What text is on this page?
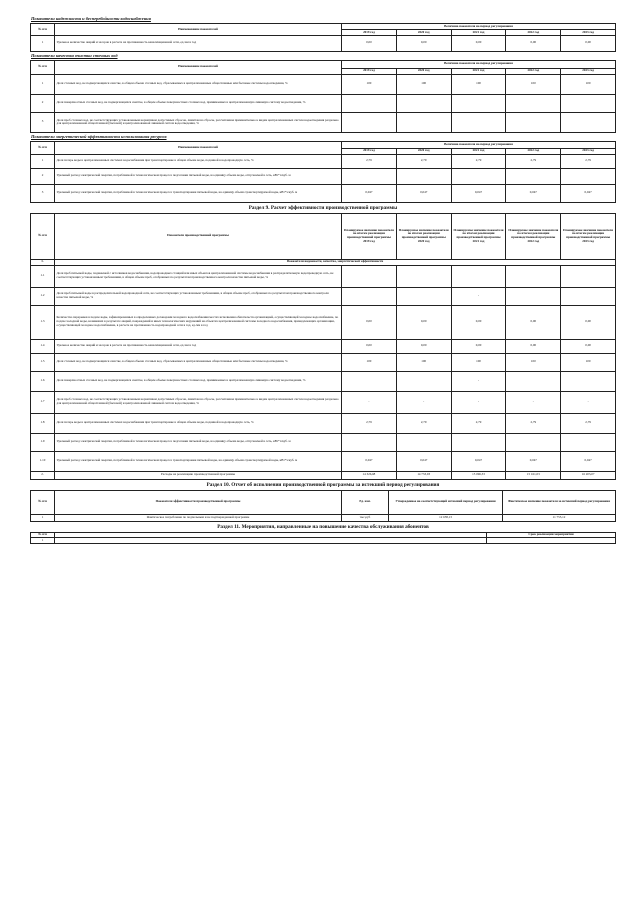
Показатели надежности и бесперебойности водоснабжения
№ п/п	Наименование показателей	Величина показателя на период регулирования				
		2019 год	2020 год	2021 год	2022 год	2023 год
1	Удельное количество аварий и засоров в расчете на протяженность канализационной сети, ед./км в год	0,00	0,00	0,00	0,00	0,00
Показатели качества очистки сточных вод
№ п/п	Наименование показателей	Величина показателя на период регулирования				
		2019 год	2020 год	2021 год	2022 год	2023 год
1	Доля сточных вод, не подвергающихся очистке, в общем объеме сточных вод, сбрасываемых в централизованные общесплавные или бытовые системы водоотведения, %	100	100	100	100	100
2	Доля поверхностных сточных вод, не подвергающихся очистке, в общем объеме поверхностных сточных вод, принимаемых в централизованную ливневую систему водоотведения, %					
3	Доля проб сточных вод, не соответствующих установленным нормативам допустимых сбросов, лимитам на сбросы, рассчитанная применительно к видам централизованных систем водоотведения раздельно для централизованной общесплавной (бытовой) и централизованной ливневой систем водоотведения, %					
Показатели энергетической эффективности использования ресурсов
№ п/п	Наименование показателей	Величина показателя на период регулирования				
		2019 год	2020 год	2021 год	2022 год	2023 год
1	Доля потерь воды в централизованных системах водоснабжения при транспортировке в общем объеме воды, поданной в водопроводную сеть, %	2,79	2,79	2,79	2,79	2,79
2	Удельный расход электрической энергии, потребляемой в технологическом процессе подготовки питьевой воды, на единицу объема воды, отпускаемой в сеть, кВт*ч/куб. м					
3	Удельный расход электрической энергии, потребляемой в технологическом процессе транспортировки питьевой воды, на единицу объема транспортируемой воды, кВт*ч/куб. м	0,047	0,047	0,047	0,047	0,047
Раздел 9. Расчет эффективности производственной программы
№ п/п	Показатели производственной программы	Планируемое значение показателя по итогам реализации производственной программы 2019 год	Планируемое значение показателя по итогам реализации производственной программы 2020 год	Планируемое значение показателя по итогам реализации производственной программы 2021 год	Планируемое значение показателя по итогам реализации производственной программы 2022 год	Планируемое значение показателя по итогам реализации производственной программы 2023 год
1.	Показатели надежности, качества, энергетической эффективности					
1.1	Доля проб питьевой воды, подаваемой с источников водоснабжения, водопроводных станций или иных объектов централизованной системы водоснабжения в распределительную водопроводную сеть, не соответствующих установленным требованиям, в общем объеме проб, отобранных по результатам производственного контроля качества питьевой воды, %					
1.2	Доля проб питьевой воды в распределительной водопроводной сети, не соответствующих установленным требованиям, в общем объеме проб, отобранных по результатам производственного контроля качества питьевой воды, %			-		
1.3	Количество перерывов в подаче воды, зафиксированных в определенных договорами холодного водоснабжения местах исполнения обязательств организацией, осуществляющей холодное водоснабжение, по подаче холодной воды, возникших в результате аварий, повреждений и иных технологических нарушений на объектах централизованной системы холодного водоснабжения, принадлежащих организации, осуществляющей холодное водоснабжение, в расчете на протяженность водопроводной сети в год, ед./км в год	0,00	0,00	0,00	0,00	0,00
1.4	Удельное количество аварий и засоров в расчете на протяженность канализационной сети, ед./км в год	0,00	0,00	0,00	0,00	0,00
1.5	Доля сточных вод, не подвергающихся очистке, в общем объеме сточных вод, сбрасываемых в централизованные общесплавные или бытовые системы водоотведения, %	100	100	100	100	100
1.6	Доля поверхностных сточных вод, не подвергающихся очистке, в общем объеме поверхностных сточных вод, принимаемых в централизованную ливневую систему водоотведения, %			-		
1.7	Доля проб сточных вод, не соответствующих установленным нормативам допустимых сбросов, лимитам на сбросы, рассчитанная применительно к видам централизованных систем водоотведения раздельно для централизованной общесплавной (бытовой) и централизованной ливневой систем водоотведения, %	-	-	-	-	-
1.8	Доля потерь воды в централизованных системах водоснабжения при транспортировке в общем объеме воды, поданной в водопроводную сеть, %	2,79	2,79	2,79	2,79	2,79
1.9	Удельный расход электрической энергии, потребляемой в технологическом процессе подготовки питьевой воды, на единицу объема воды, отпускаемой в сеть, кВт*ч/куб. м					
1.10	Удельный расход электрической энергии, потребляемой в технологическом процессе транспортировки питьевой воды, на единицу объема транспортируемой воды, кВт*ч/куб. м	0,047	0,047	0,047	0,047	0,047
2.	Расходы на реализацию производственной программы	14 326,68	14 733,93	15 096,33	15 161,03	16 203,07
Раздел 10. Отчет об исполнении производственной программы за истекший период регулирования
№ п/п	Показатели эффективности производственной программы	Ед. изм.	Утвержденное на соответствующий истекший период регулирования	Фактическое значение показателя за истекший период регулирования
1	Фактическое потребление по подпольным и не подтвержденной программе	тыс.руб	12 658,13	11 755,12
Раздел 11. Мероприятия, направленные на повышение качества обслуживания абонентов
№ п/п		Срок реализации мероприятия
1		
